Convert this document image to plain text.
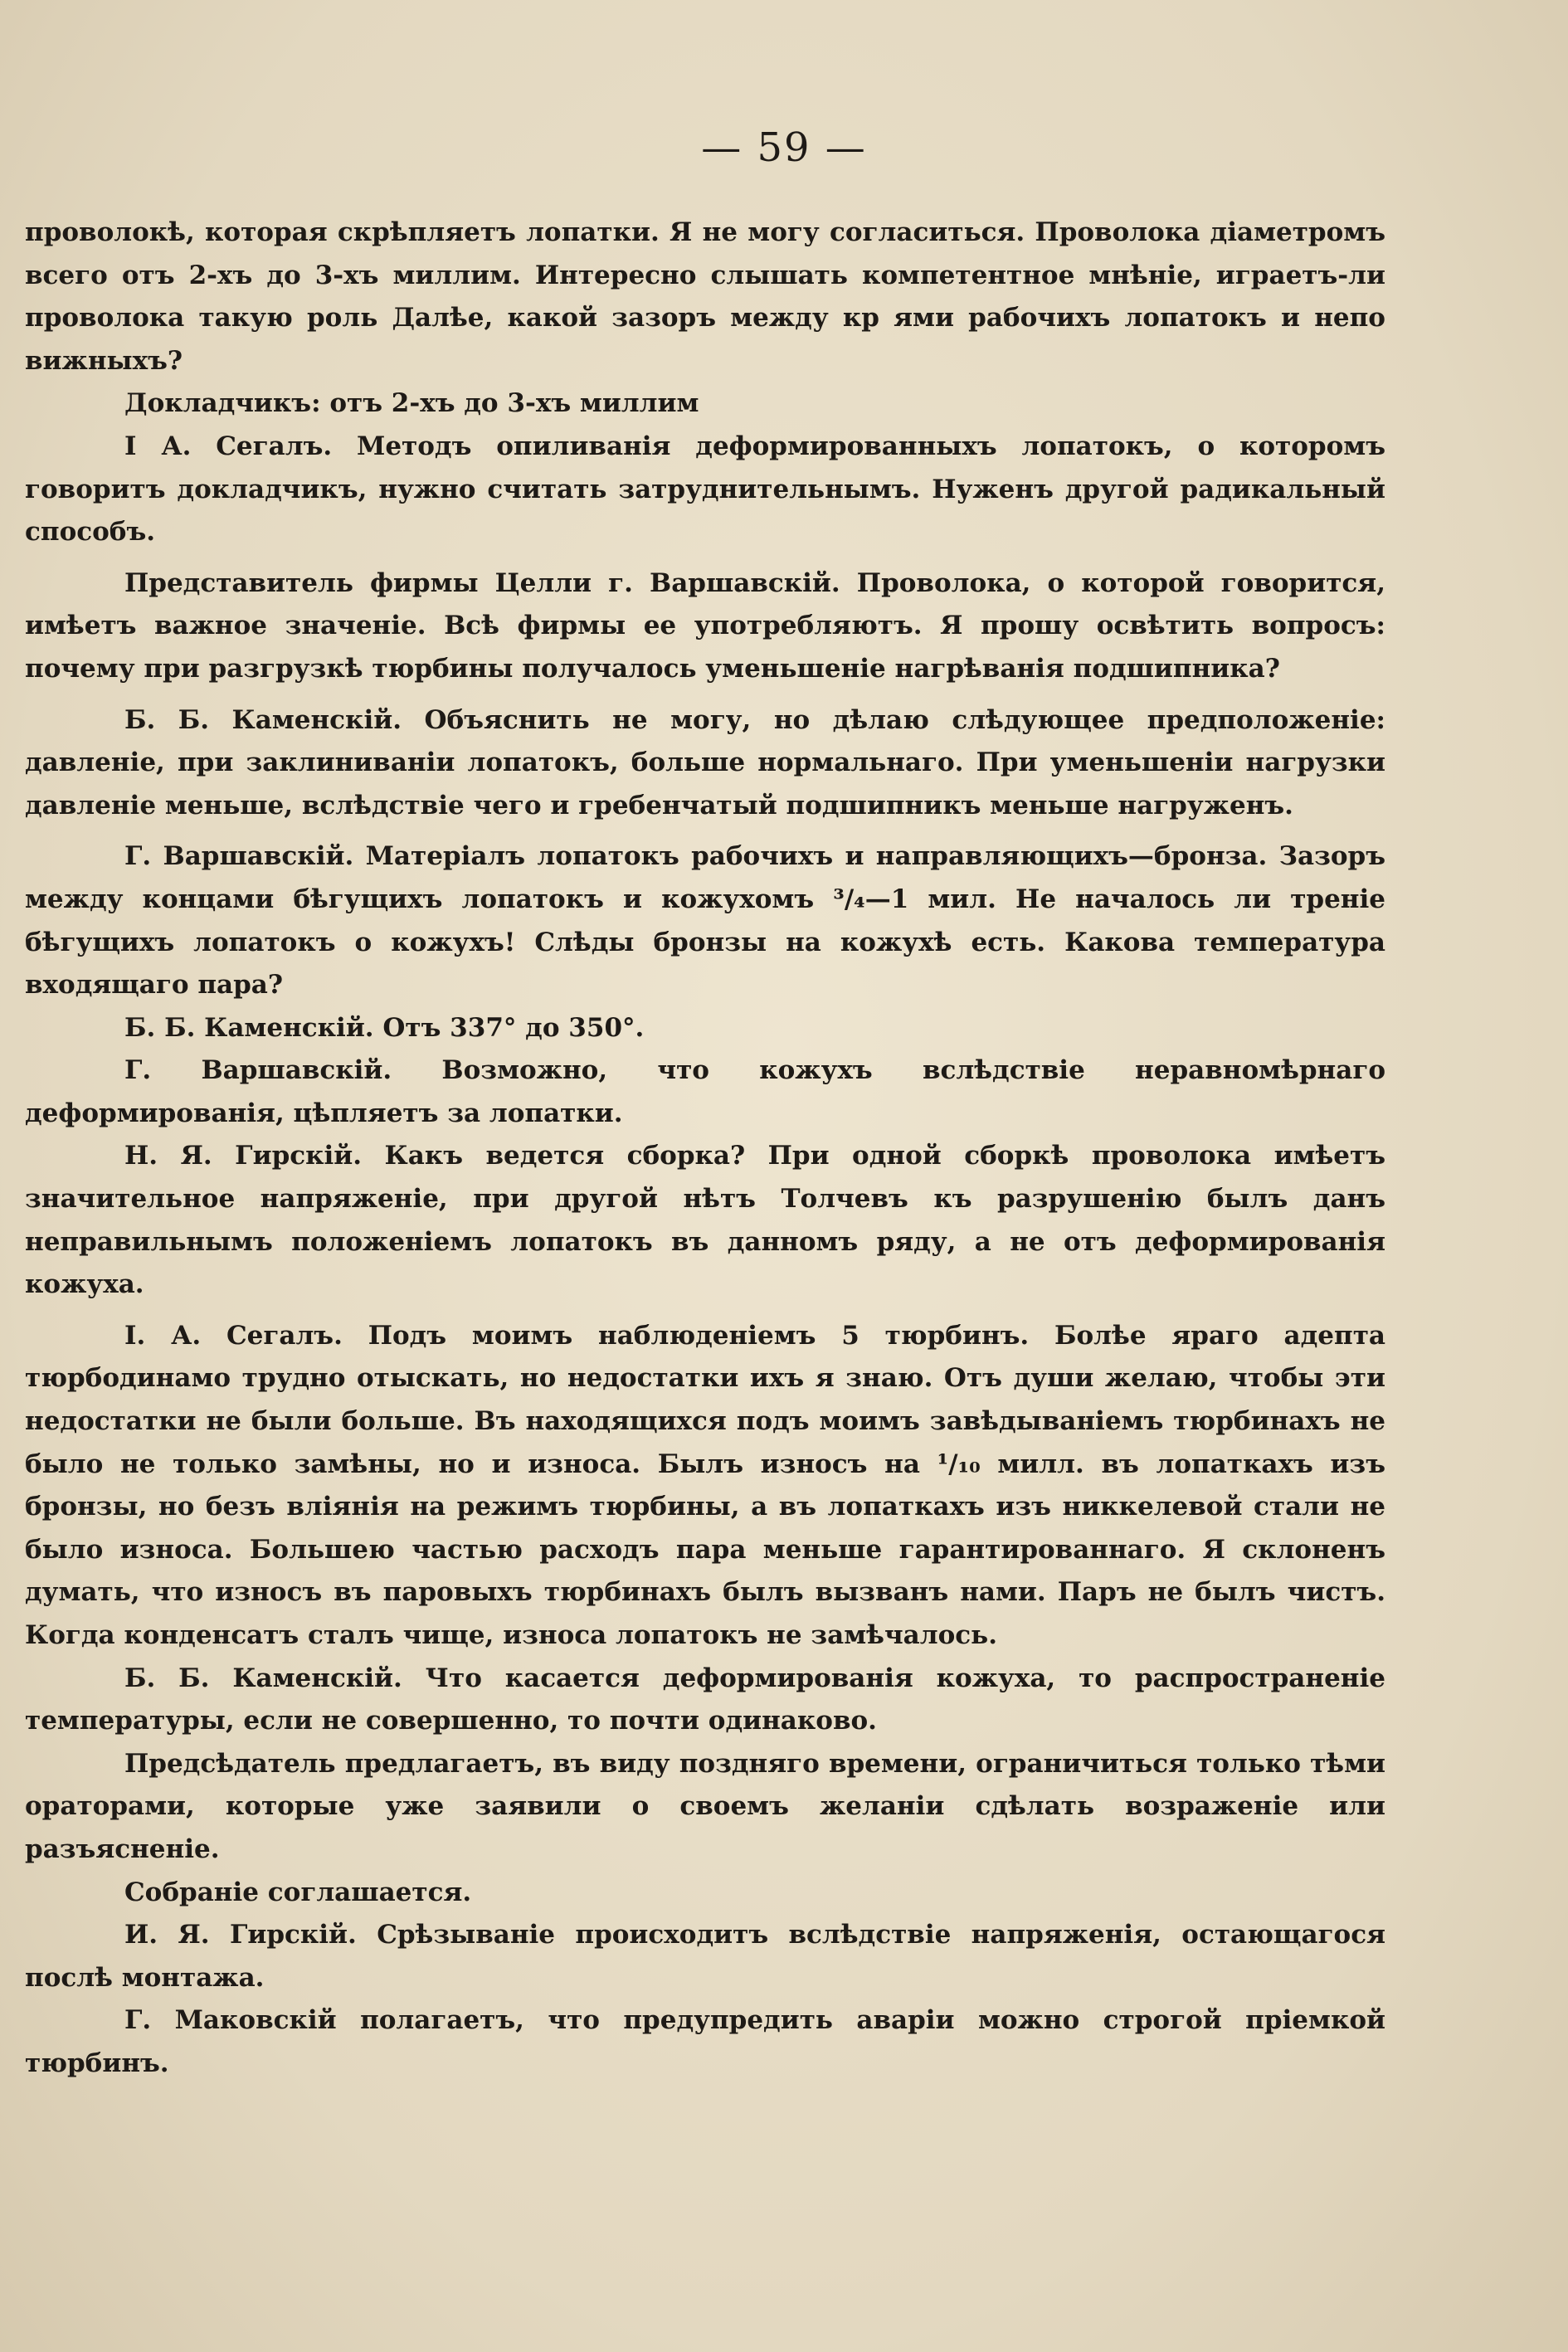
— 59 —

проволокѣ, которая скрѣпляетъ лопатки. Я не могу согласиться. Проволока діаметромъ всего отъ 2-хъ до 3-хъ миллим. Интересно слышать компетентное мнѣніе, играетъ-ли проволока такую роль Далѣе, какой зазоръ между кр ями рабочихъ лопатокъ и непо вижныхъ?

Докладчикъ: отъ 2-хъ до 3-хъ миллим

I А. Сегалъ. Методъ опиливанія деформированныхъ лопатокъ, о которомъ говоритъ докладчикъ, нужно считать затруднительнымъ. Нуженъ другой радикальный способъ.

Представитель фирмы Целли г. Варшавскій. Проволока, о которой говорится, имѣетъ важное значеніе. Всѣ фирмы ее употребляютъ. Я прошу освѣтить вопросъ: почему при разгрузкѣ тюрбины получалось уменьшеніе нагрѣванія подшипника?

Б. Б. Каменскій. Объяснить не могу, но дѣлаю слѣдующее предположеніе: давленіе, при заклиниваніи лопатокъ, больше нормальнаго. При уменьшеніи нагрузки давленіе меньше, вслѣдствіе чего и гребенчатый подшипникъ меньше нагруженъ.

Г. Варшавскій. Матеріалъ лопатокъ рабочихъ и направляющихъ—бронза. Зазоръ между концами бѣгущихъ лопатокъ и кожухомъ ³/₄—1 мил. Не началось ли треніе бѣгущихъ лопатокъ о кожухъ! Слѣды бронзы на кожухѣ есть. Какова температура входящаго пара?

Б. Б. Каменскій. Отъ 337° до 350°.

Г. Варшавскій. Возможно, что кожухъ вслѣдствіе неравномѣрнаго деформированія, цѣпляетъ за лопатки.

Н. Я. Гирскій. Какъ ведется сборка? При одной сборкѣ проволока имѣетъ значительное напряженіе, при другой нѣтъ Толчевъ къ разрушенію былъ данъ неправильнымъ положеніемъ лопатокъ въ данномъ ряду, а не отъ деформированія кожуха.

I. А. Сегалъ. Подъ моимъ наблюденіемъ 5 тюрбинъ. Болѣе яраго адепта тюрбодинамо трудно отыскать, но недостатки ихъ я знаю. Отъ души желаю, чтобы эти недостатки не были больше. Въ находящихся подъ моимъ завѣдываніемъ тюрбинахъ не было не только замѣны, но и износа. Былъ износъ на ¹/₁₀ милл. въ лопаткахъ изъ бронзы, но безъ вліянія на режимъ тюрбины, а въ лопаткахъ изъ никкелевой стали не было износа. Большею частью расходъ пара меньше гарантированнаго. Я склоненъ думать, что износъ въ паровыхъ тюрбинахъ былъ вызванъ нами. Паръ не былъ чистъ. Когда конденсатъ сталъ чище, износа лопатокъ не замѣчалось.

Б. Б. Каменскій. Что касается деформированія кожуха, то распространеніе температуры, если не совершенно, то почти одинаково.

Предсѣдатель предлагаетъ, въ виду поздняго времени, ограничиться только тѣми ораторами, которые уже заявили о своемъ желаніи сдѣлать возраженіе или разъясненіе.

Собраніе соглашается.

И. Я. Гирскій. Срѣзываніе происходитъ вслѣдствіе напряженія, остающагося послѣ монтажа.

Г. Маковскій полагаетъ, что предупредить аваріи можно строгой пріемкой тюрбинъ.
